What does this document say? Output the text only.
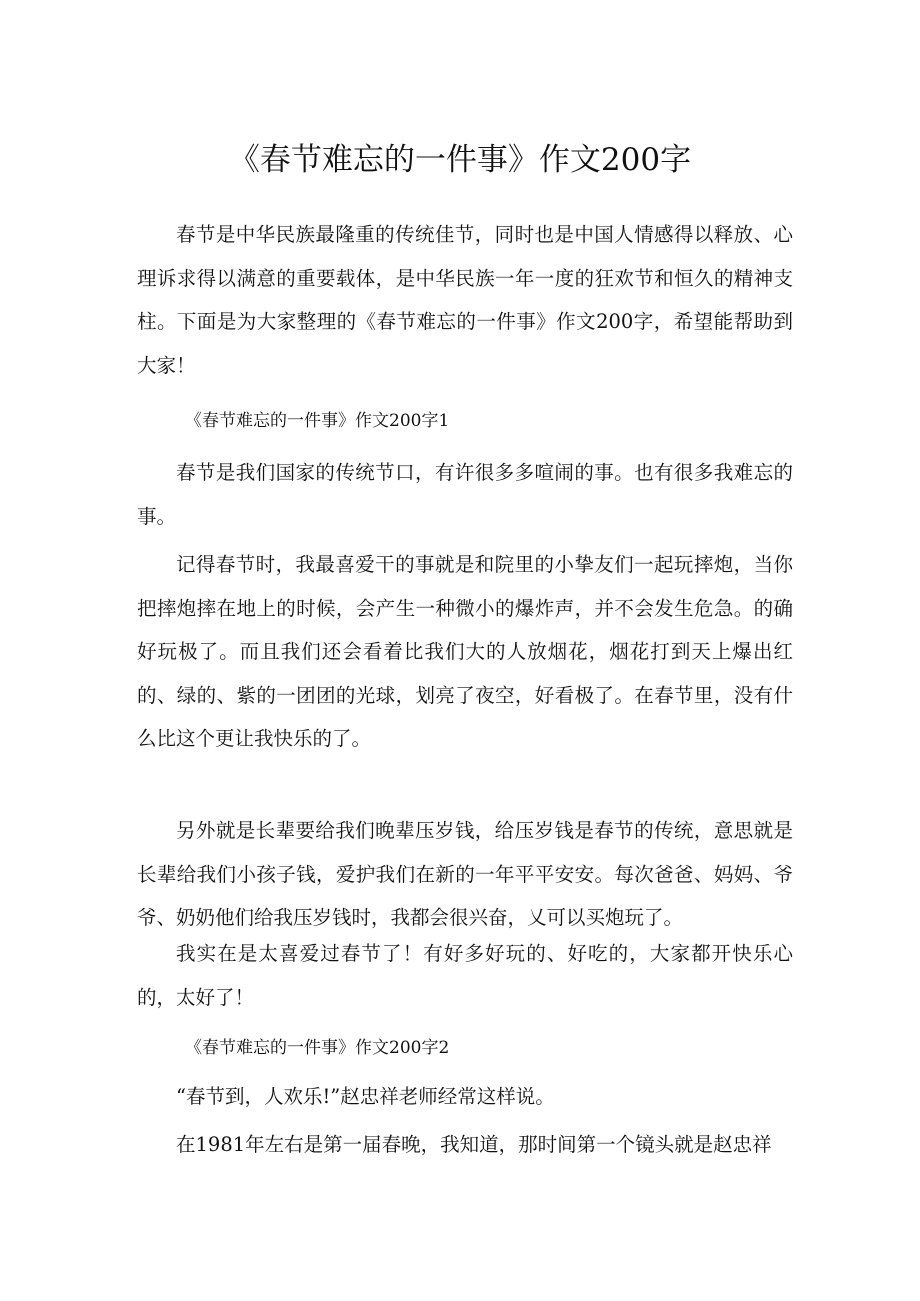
《春节难忘的一件事》作文200字

春节是中华民族最隆重的传统佳节，同时也是中国人情感得以释放、心理诉求得以满意的重要载体，是中华民族一年一度的狂欢节和恒久的精神支柱。下面是为大家整理的《春节难忘的一件事》作文200字，希望能帮助到大家！

《春节难忘的一件事》作文200字1

春节是我们国家的传统节口，有许很多多喧闹的事。也有很多我难忘的事。

记得春节时，我最喜爱干的事就是和院里的小挚友们一起玩摔炮，当你把摔炮摔在地上的时候，会产生一种微小的爆炸声，并不会发生危急。的确好玩极了。而且我们还会看着比我们大的人放烟花，烟花打到天上爆出红的、绿的、紫的一团团的光球，划亮了夜空，好看极了。在春节里，没有什么比这个更让我快乐的了。

另外就是长辈要给我们晚辈压岁钱，给压岁钱是春节的传统，意思就是长辈给我们小孩子钱，爱护我们在新的一年平平安安。每次爸爸、妈妈、爷爷、奶奶他们给我压岁钱时，我都会很兴奋，乂可以买炮玩了。

我实在是太喜爱过春节了！有好多好玩的、好吃的，大家都开快乐心的，太好了！

《春节难忘的一件事》作文200字2

“春节到，人欢乐!”赵忠祥老师经常这样说。

在1981年左右是第一届春晚，我知道，那时间第一个镜头就是赵忠祥
